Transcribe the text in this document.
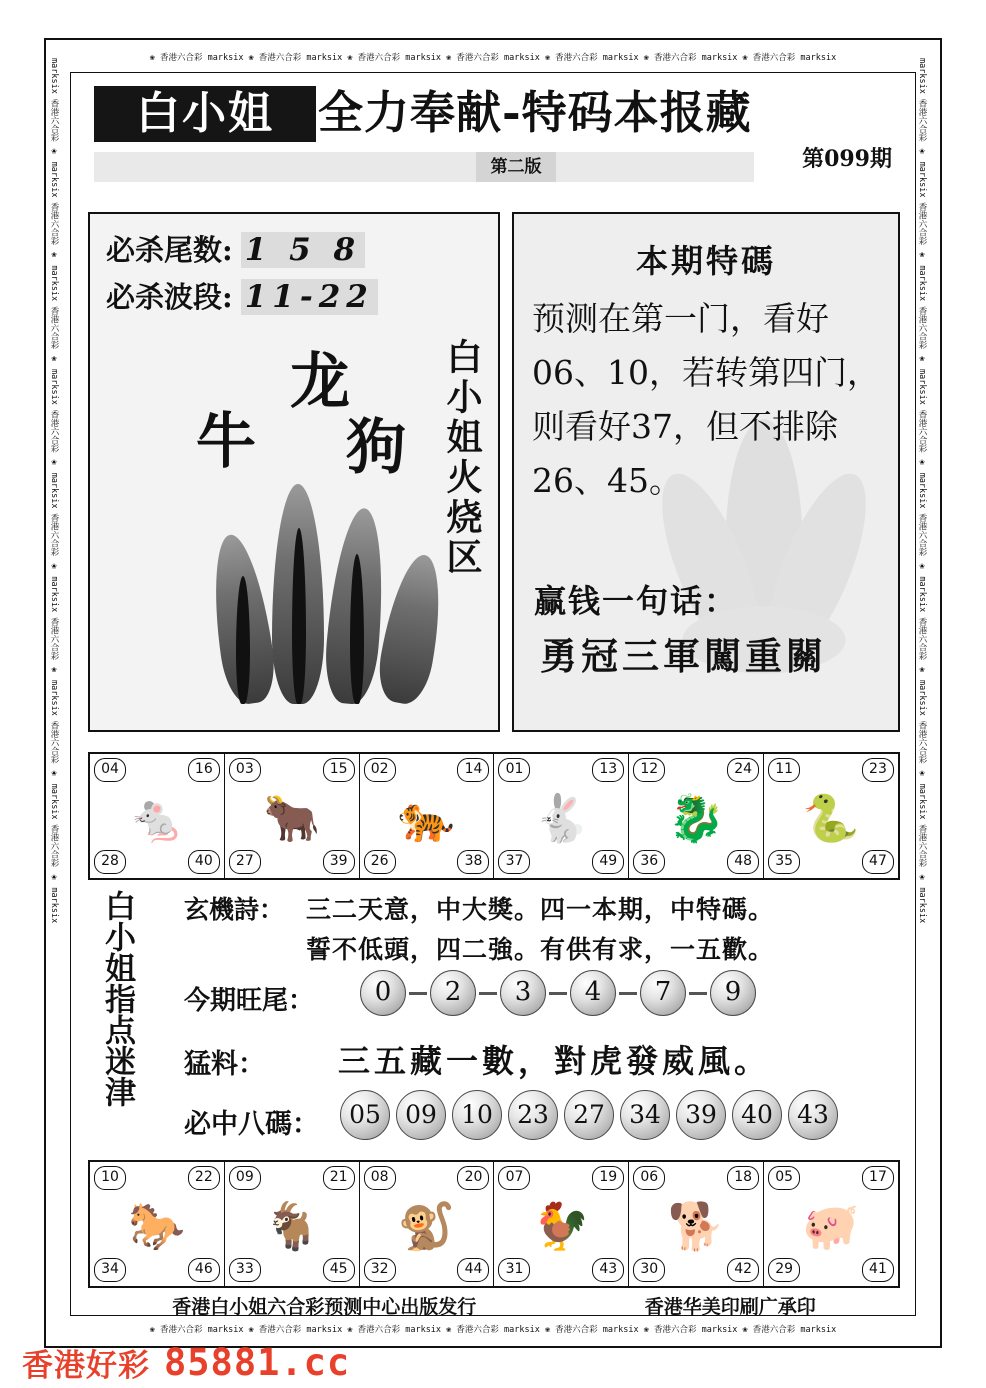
❀ 香港六合彩 marksix ❀ 香港六合彩 marksix ❀ 香港六合彩 marksix ❀ 香港六合彩 marksix ❀ 香港六合彩 marksix ❀ 香港六合彩 marksix ❀ 香港六合彩 marksix
❀ 香港六合彩 marksix ❀ 香港六合彩 marksix ❀ 香港六合彩 marksix ❀ 香港六合彩 marksix ❀ 香港六合彩 marksix ❀ 香港六合彩 marksix ❀ 香港六合彩 marksix
marksix 香港六合彩 ❀ marksix 香港六合彩 ❀ marksix 香港六合彩 ❀ marksix 香港六合彩 ❀ marksix 香港六合彩 ❀ marksix 香港六合彩 ❀ marksix 香港六合彩 ❀ marksix 香港六合彩 ❀ marksix	marksix 香港六合彩 ❀ marksix 香港六合彩 ❀ marksix 香港六合彩 ❀ marksix 香港六合彩 ❀ marksix 香港六合彩 ❀ marksix 香港六合彩 ❀ marksix 香港六合彩 ❀ marksix 香港六合彩 ❀ marksix
白小姐 全力奉献-特码本报藏
第二版	第099期
必杀尾数: 1 5 8
必杀波段: 11-22
龙
牛 狗 白小姐火烧区
本期特碼
预测在第一门，看好06、10，若转第四门，则看好37，但不排除26、45。
赢钱一句话：
勇冠三軍闖重關
04	16
🐁
28	40
03	15
🐂
27	39
02	14
🐅
26	38
01	13
🐇
37	49
12	24
🐉
36	48
11	23
🐍
35	47
白小姐指点迷津 玄機詩： 三二天意，中大獎。四一本期，中特碼。
誓不低頭，四二強。有供有求，一五歡。
今期旺尾：	0	2	3	4	7	9
猛料： 三五藏一數，對虎發威風。
必中八碼：	05 09 10 23 27 34 39 40 43
10	22
🐎
34	46
09	21
🐐
33	45
08	20
🐒
32	44
07	19
🐓
31	43
06	18
🐕
30	42
05	17
🐖
29	41
香港白小姐六合彩预测中心出版发行	香港华美印刷广承印
香港好彩 85881.cc
